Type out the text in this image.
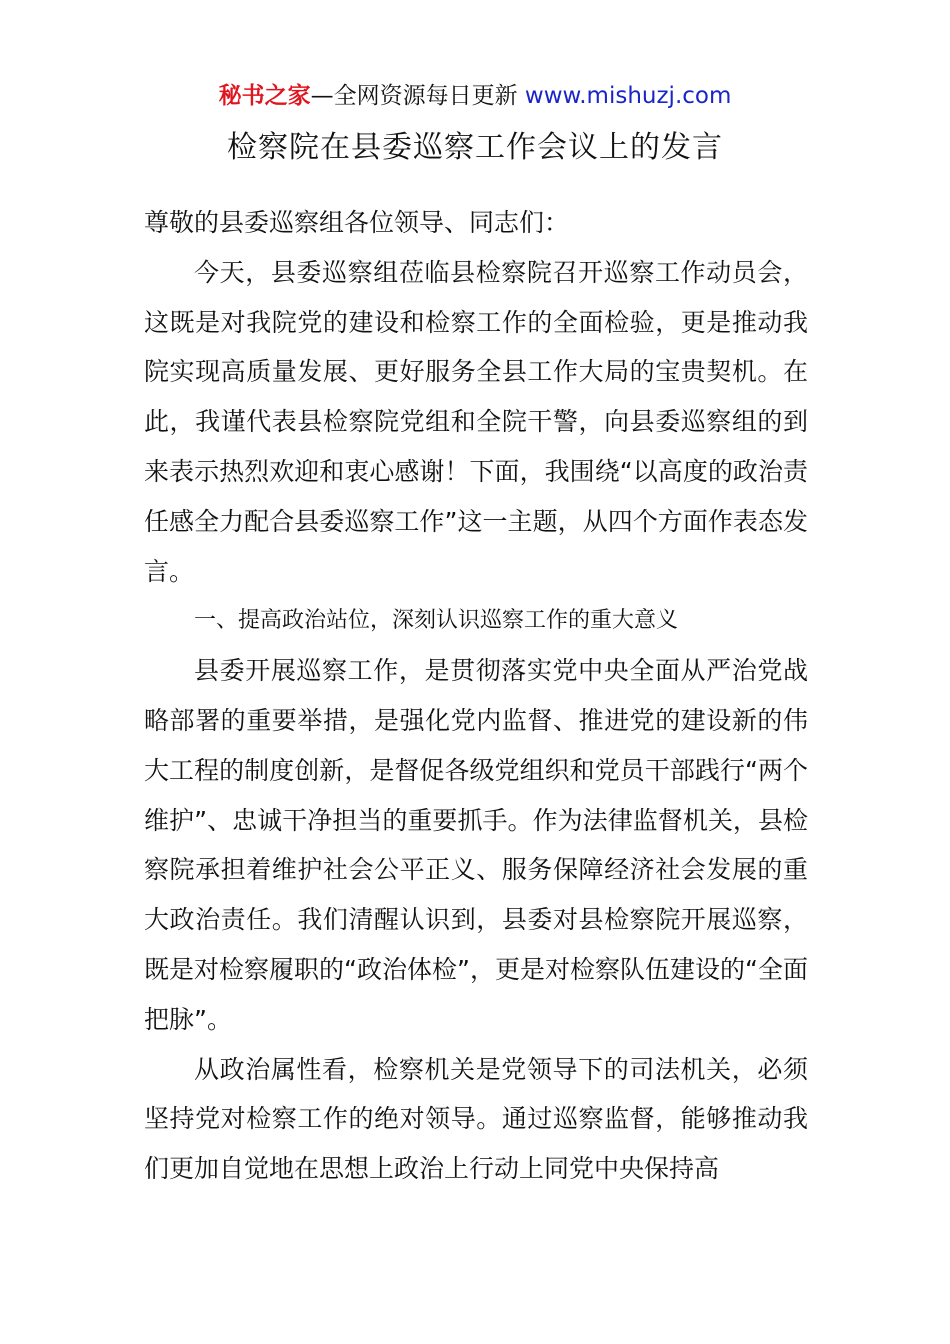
秘书之家—全网资源每日更新 www.mishuzj.com
检察院在县委巡察工作会议上的发言

尊敬的县委巡察组各位领导、同志们：

今天，县委巡察组莅临县检察院召开巡察工作动员会，这既是对我院党的建设和检察工作的全面检验，更是推动我院实现高质量发展、更好服务全县工作大局的宝贵契机。在此，我谨代表县检察院党组和全院干警，向县委巡察组的到来表示热烈欢迎和衷心感谢！下面，我围绕“以高度的政治责任感全力配合县委巡察工作”这一主题，从四个方面作表态发言。

一、提高政治站位，深刻认识巡察工作的重大意义

县委开展巡察工作，是贯彻落实党中央全面从严治党战略部署的重要举措，是强化党内监督、推进党的建设新的伟大工程的制度创新，是督促各级党组织和党员干部践行“两个维护”、忠诚干净担当的重要抓手。作为法律监督机关，县检察院承担着维护社会公平正义、服务保障经济社会发展的重大政治责任。我们清醒认识到，县委对县检察院开展巡察，既是对检察履职的“政治体检”，更是对检察队伍建设的“全面把脉”。

从政治属性看，检察机关是党领导下的司法机关，必须坚持党对检察工作的绝对领导。通过巡察监督，能够推动我们更加自觉地在思想上政治上行动上同党中央保持高
